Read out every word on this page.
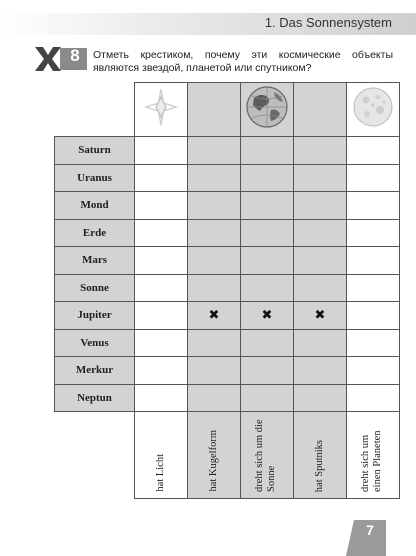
1. Das Sonnensystem
8	Отметь крестиком, почему эти космические объекты являются звездой, планетой или спутником?

Saturn					
Uranus					
Mond					
Erde					
Mars					
Sonne					
Jupiter		✖	✖	✖	
Venus					
Merkur					
Neptun					

	hat Licht	hat Kugelform	dreht sich um die Sonne	hat Sputniks	dreht sich um einen Planeten
7
